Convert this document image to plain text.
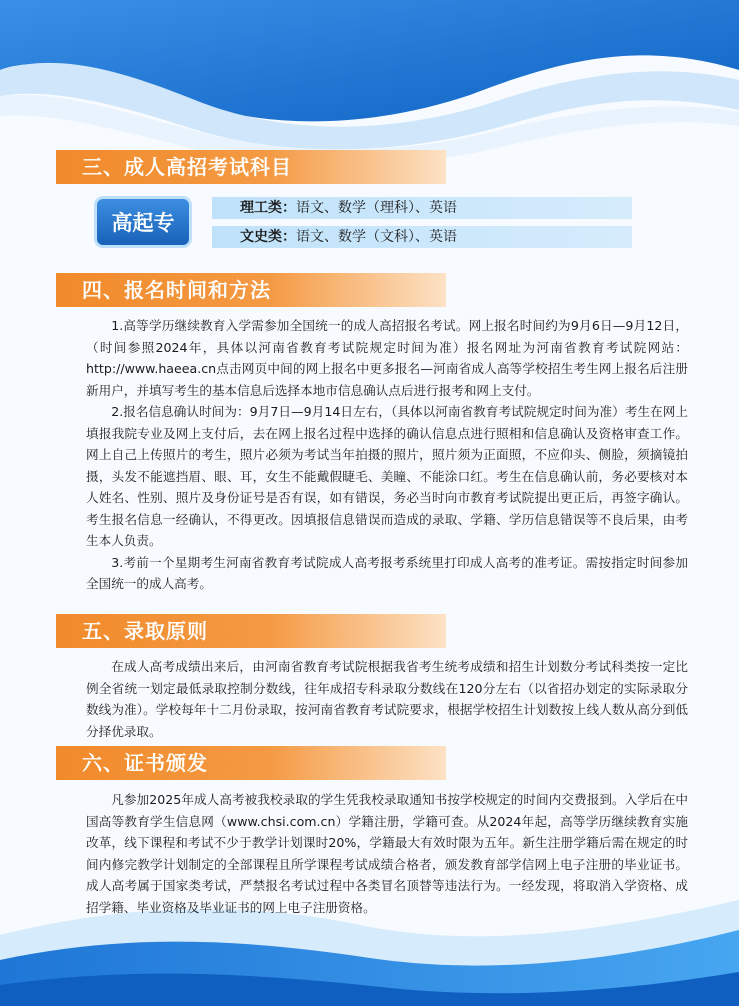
三、成人高招考试科目
高起专
理工类：语文、数学（理科）、英语
文史类：语文、数学（文科）、英语
四、报名时间和方法

1.高等学历继续教育入学需参加全国统一的成人高招报名考试。网上报名时间约为9月6日—9月12日，（时间参照2024年，具体以河南省教育考试院规定时间为准）报名网址为河南省教育考试院网站：http://www.haeea.cn点击网页中间的网上报名中更多报名—河南省成人高等学校招生考生网上报名后注册新用户，并填写考生的基本信息后选择本地市信息确认点后进行报考和网上支付。

2.报名信息确认时间为：9月7日—9月14日左右，（具体以河南省教育考试院规定时间为准）考生在网上填报我院专业及网上支付后，去在网上报名过程中选择的确认信息点进行照相和信息确认及资格审查工作。网上自己上传照片的考生，照片必须为考试当年拍摄的照片，照片须为正面照，不应仰头、侧脸，须摘镜拍摄，头发不能遮挡眉、眼、耳，女生不能戴假睫毛、美瞳、不能涂口红。考生在信息确认前，务必要核对本人姓名、性别、照片及身份证号是否有误，如有错误，务必当时向市教育考试院提出更正后，再签字确认。考生报名信息一经确认，不得更改。因填报信息错误而造成的录取、学籍、学历信息错误等不良后果，由考生本人负责。

3.考前一个星期考生河南省教育考试院成人高考报考系统里打印成人高考的准考证。需按指定时间参加全国统一的成人高考。

五、录取原则

在成人高考成绩出来后，由河南省教育考试院根据我省考生统考成绩和招生计划数分考试科类按一定比例全省统一划定最低录取控制分数线，往年成招专科录取分数线在120分左右（以省招办划定的实际录取分数线为准）。学校每年十二月份录取，按河南省教育考试院要求，根据学校招生计划数按上线人数从高分到低分择优录取。

六、证书颁发

凡参加2025年成人高考被我校录取的学生凭我校录取通知书按学校规定的时间内交费报到。入学后在中国高等教育学生信息网（www.chsi.com.cn）学籍注册，学籍可查。从2024年起，高等学历继续教育实施改革，线下课程和考试不少于教学计划课时20%，学籍最大有效时限为五年。新生注册学籍后需在规定的时间内修完教学计划制定的全部课程且所学课程考试成绩合格者，颁发教育部学信网上电子注册的毕业证书。成人高考属于国家类考试，严禁报名考试过程中各类冒名顶替等违法行为。一经发现，将取消入学资格、成招学籍、毕业资格及毕业证书的网上电子注册资格。
